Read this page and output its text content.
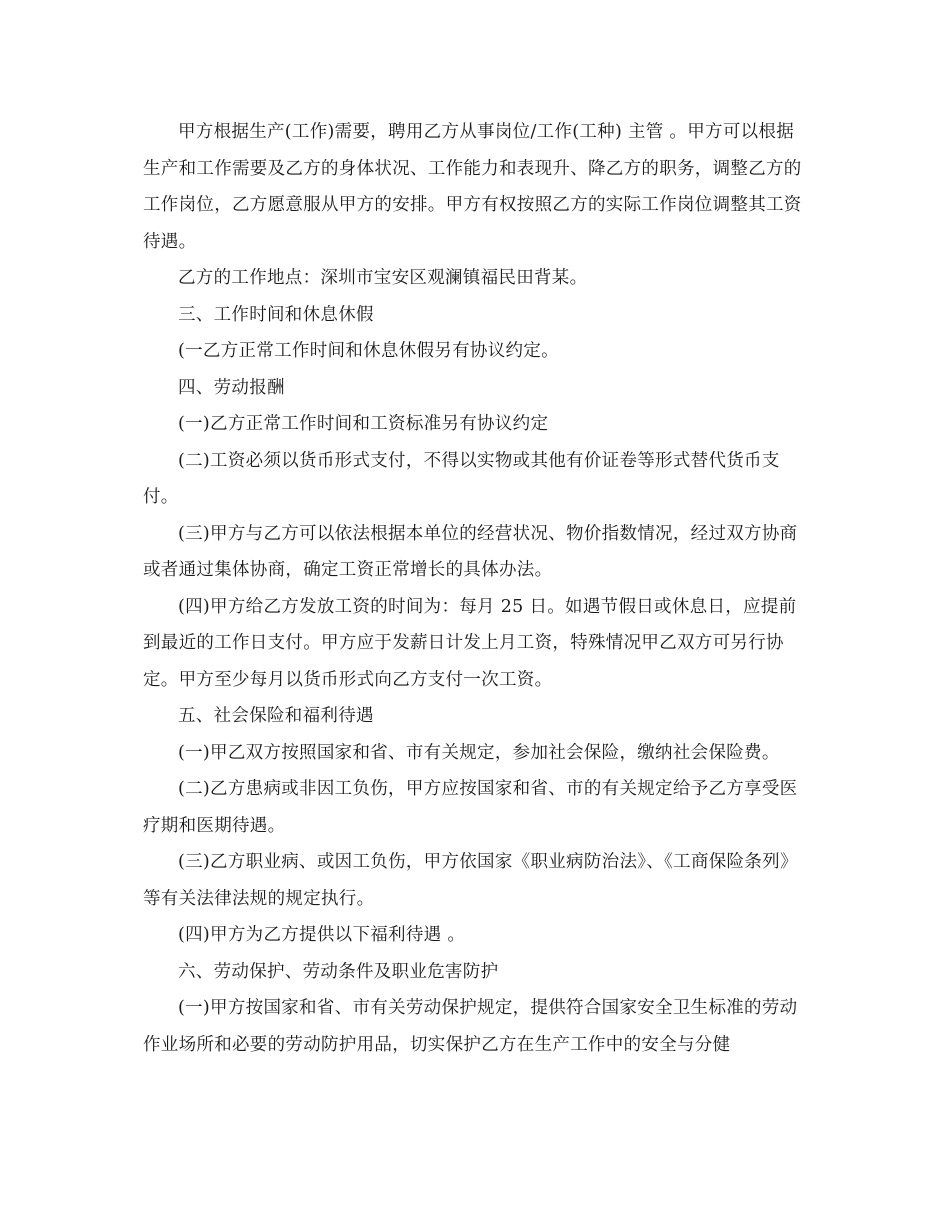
甲方根据生产(工作)需要，聘用乙方从事岗位/工作(工种) 主管 。甲方可以根据生产和工作需要及乙方的身体状况、工作能力和表现升、降乙方的职务，调整乙方的工作岗位，乙方愿意服从甲方的安排。甲方有权按照乙方的实际工作岗位调整其工资待遇。

乙方的工作地点：深圳市宝安区观澜镇福民田背某。

三、工作时间和休息休假

(一乙方正常工作时间和休息休假另有协议约定。

四、劳动报酬

(一)乙方正常工作时间和工资标准另有协议约定

(二)工资必须以货币形式支付，不得以实物或其他有价证卷等形式替代货币支付。

(三)甲方与乙方可以依法根据本单位的经营状况、物价指数情况，经过双方协商或者通过集体协商，确定工资正常增长的具体办法。

(四)甲方给乙方发放工资的时间为：每月 25 日。如遇节假日或休息日，应提前到最近的工作日支付。甲方应于发薪日计发上月工资，特殊情况甲乙双方可另行协定。甲方至少每月以货币形式向乙方支付一次工资。

五、社会保险和福利待遇

(一)甲乙双方按照国家和省、市有关规定，参加社会保险，缴纳社会保险费。

(二)乙方患病或非因工负伤，甲方应按国家和省、市的有关规定给予乙方享受医疗期和医期待遇。

(三)乙方职业病、或因工负伤，甲方依国家《职业病防治法》、《工商保险条列》等有关法律法规的规定执行。

(四)甲方为乙方提供以下福利待遇 。

六、劳动保护、劳动条件及职业危害防护

(一)甲方按国家和省、市有关劳动保护规定，提供符合国家安全卫生标准的劳动作业场所和必要的劳动防护用品，切实保护乙方在生产工作中的安全与分健
